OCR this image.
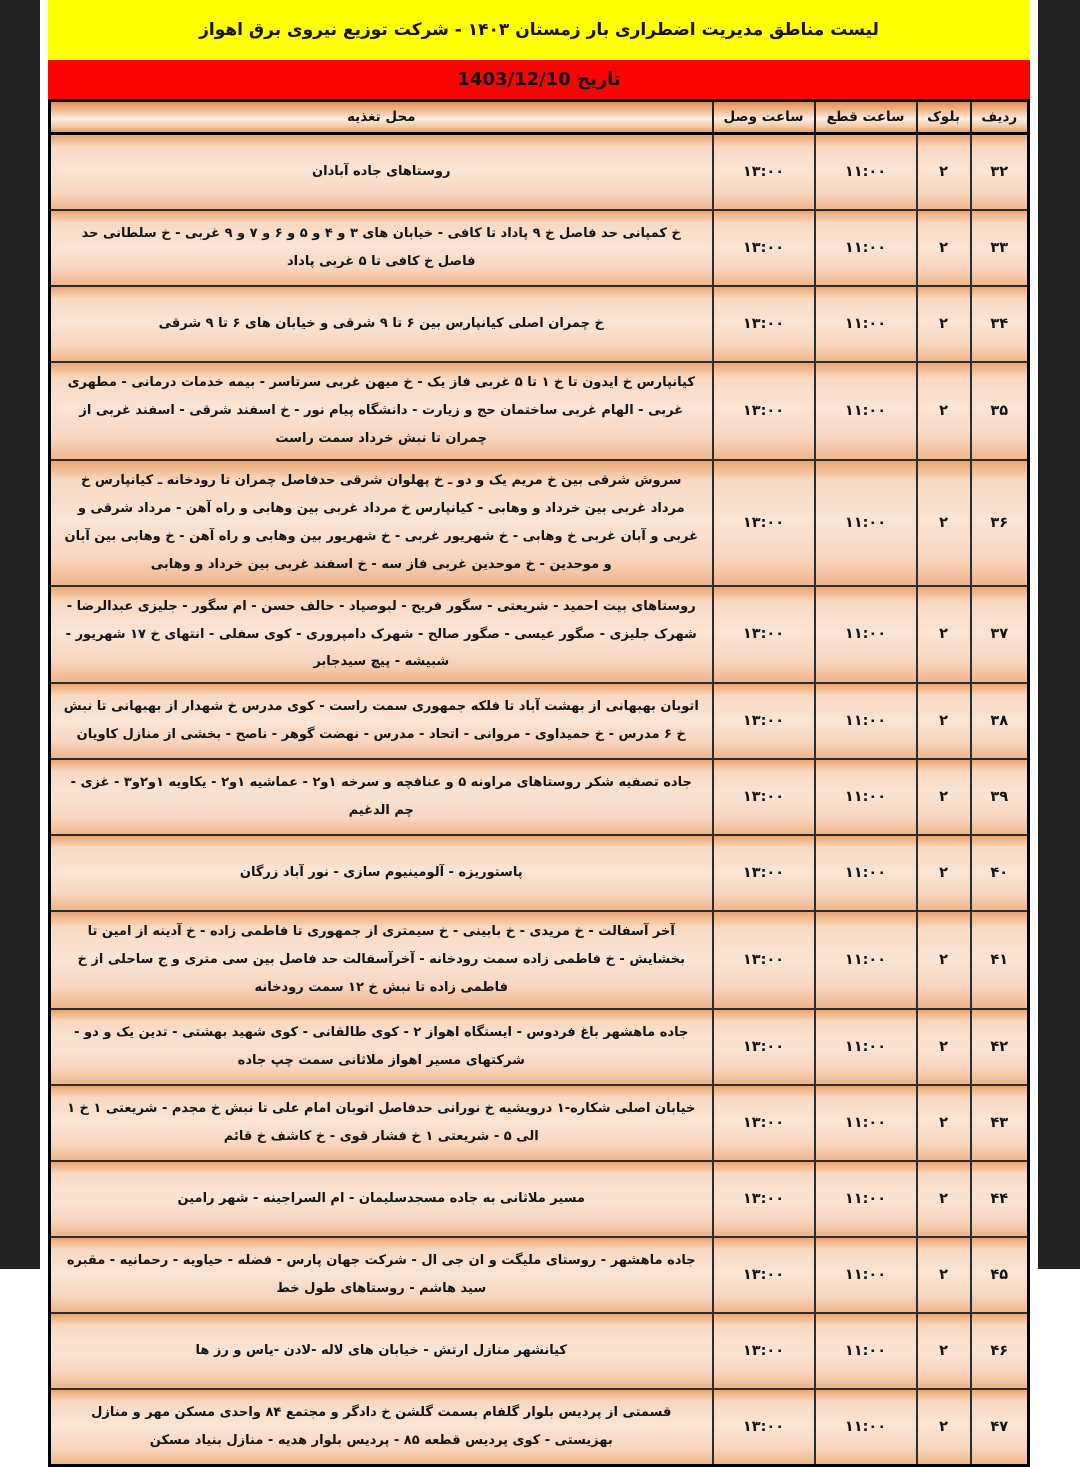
لیست مناطق مدیریت اضطراری بار زمستان ۱۴۰۳ - شرکت توزیع نیروی برق اهواز
تاریخ 1403/12/10
ردیف	بلوک	ساعت قطع	ساعت وصل	محل تغذیه
۳۲	۲	۱۱:۰۰	۱۳:۰۰	روستاهای جاده آبادان
۳۳	۲	۱۱:۰۰	۱۳:۰۰	خ کمپانی حد فاصل خ ۹ پاداد تا کافی - خیابان های ۳ و ۴ و ۵ و ۶ و ۷ و ۹ غربی - خ سلطانی حد فاصل خ کافی تا ۵ غربی پاداد
۳۴	۲	۱۱:۰۰	۱۳:۰۰	خ چمران اصلی کیانپارس بین ۶ تا ۹ شرقی و خیابان های ۶ تا ۹ شرقی
۳۵	۲	۱۱:۰۰	۱۳:۰۰	کیانپارس خ ایدون تا خ ۱ تا ۵ غربی فاز یک - خ میهن غربی سرتاسر - بیمه خدمات درمانی - مطهری غربی - الهام غربی ساختمان حج و زیارت - دانشگاه پیام نور - خ اسفند شرقی - اسفند غربی از چمران تا نبش خرداد سمت راست
۳۶	۲	۱۱:۰۰	۱۳:۰۰	سروش شرقی بین خ مریم یک و دو ـ خ پهلوان شرقی حدفاصل چمران تا رودخانه ـ کیانپارس خ مرداد غربی بین خرداد و وهابی - کیانپارس خ مرداد غربی بین وهابی و راه آهن - مرداد شرقی و غربی و آبان غربی خ وهابی - خ شهریور غربی - خ شهریور بین وهابی و راه آهن - خ وهابی بین آبان و موحدین - خ موحدین غربی فاز سه - خ اسفند غربی بین خرداد و وهابی
۳۷	۲	۱۱:۰۰	۱۳:۰۰	روستاهای بیت احمید - شریعتی - سگور فریح - لبوصیاد - حالف حسن - ام سگور - جلیزی عبدالرضا - شهرک جلیزی - صگور عیسی - صگور صالح - شهرک دامپروری - کوی سفلی - انتهای خ ۱۷ شهریور - شبیشه - پیچ سیدجابر
۳۸	۲	۱۱:۰۰	۱۳:۰۰	اتوبان بهبهانی از بهشت آباد تا فلکه جمهوری سمت راست - کوی مدرس خ شهدار از بهبهانی تا نبش خ ۶ مدرس - خ حمیداوی - مروانی - اتحاد - مدرس - نهضت گوهر - ناصح - بخشی از منازل کاویان
۳۹	۲	۱۱:۰۰	۱۳:۰۰	جاده تصفیه شکر روستاهای مراونه ۵ و عنافچه و سرخه ۱و۲ - عماشیه ۱و۲ - یکاویه ۱و۲و۳ - غزی - چم الدغیم
۴۰	۲	۱۱:۰۰	۱۳:۰۰	پاستوریزه - آلومینیوم سازی - نور آباد زرگان
۴۱	۲	۱۱:۰۰	۱۳:۰۰	آخر آسفالت - خ مریدی - خ بابینی - خ سیمتری از جمهوری تا فاطمی زاده - خ آدینه از امین تا بخشایش - خ فاطمی زاده سمت رودخانه - آخرآسفالت حد فاصل بین سی متری و ج ساحلی از خ فاطمی زاده تا نبش خ ۱۲ سمت رودخانه
۴۲	۲	۱۱:۰۰	۱۳:۰۰	جاده ماهشهر باغ فردوس - ایستگاه اهواز ۲ - کوی طالقانی - کوی شهید بهشتی - تدین یک و دو - شرکتهای مسیر اهواز ملاثانی سمت چپ جاده
۴۳	۲	۱۱:۰۰	۱۳:۰۰	خیابان اصلی شکاره-۱ درویشیه خ نورانی حدفاصل اتوبان امام علی تا نبش خ مجدم - شریعتی ۱ خ ۱ الی ۵ - شریعتی ۱ خ فشار قوی - خ کاشف خ قائم
۴۴	۲	۱۱:۰۰	۱۳:۰۰	مسیر ملاثانی به جاده مسجدسلیمان - ام السراجینه - شهر رامین
۴۵	۲	۱۱:۰۰	۱۳:۰۰	جاده ماهشهر - روستای ملیگت و ان جی ال - شرکت جهان پارس - فضله - حیاویه - رحمانیه - مقبره سید هاشم - روستاهای طول خط
۴۶	۲	۱۱:۰۰	۱۳:۰۰	کیانشهر منازل ارتش - خیابان های لاله -لادن -یاس و رز ها
۴۷	۲	۱۱:۰۰	۱۳:۰۰	قسمتی از پردیس بلوار گلفام بسمت گلشن خ دادگر و مجتمع ۸۴ واحدی مسکن مهر و منازل بهزیستی - کوی پردیس قطعه ۸۵ - پردیس بلوار هدیه - منازل بنیاد مسکن
